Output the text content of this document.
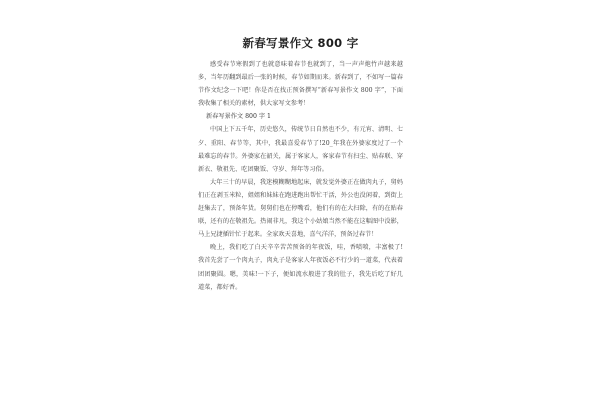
新春写景作文 800 字

感受春节寒假到了也就意味着春节也就到了，当一声声炮竹声越来越多，当年历翻到最后一张的时候，春节如期而来。新春到了，不如写一篇春节作文纪念一下吧！你是否在找正预备撰写“新春写景作文 800 字”，下面我收集了相关的素材，供大家写文参考！

新春写景作文 800 字 1

中国上下五千年，历史悠久，传统节日自然也不少，有元宵、清明、七夕、重阳、春节等，其中，我最喜爱春节了!20_年我在外婆家度过了一个最难忘的春节。外婆家在韶关，属于客家人，客家春节有扫尘、贴春联、穿新衣、敬祖先、吃团聚饭、守岁、拜年等习俗。

大年三十的早晨，我迷模糊糊地起床，就发觉外婆正在做肉丸子，舅妈们正在剥玉米粒，姐姐和妹妹在跑进跑出帮忙干活，外公也没闲着，到街上赶集去了，预备年货。舅舅们也在停嘴看，他们有的在大扫除，有的在贴春联，还有的在敬祖先。热闹非凡，我这个小姑娘当然不能在这幅图中没影，马上兄捷插针忙于起来。全家欢天喜地，喜气洋洋，预备过春节！

晚上，我们吃了白天辛辛苦苦预备的年夜饭，哇，香喷喷，丰富极了!我首先尝了一个肉丸子，肉丸子是客家人年夜饭必不行少的一道菜，代表着团团聚圆。嗯，美味!一下子，便如流水般进了我的肚子，我先后吃了好几道菜，都好香。
